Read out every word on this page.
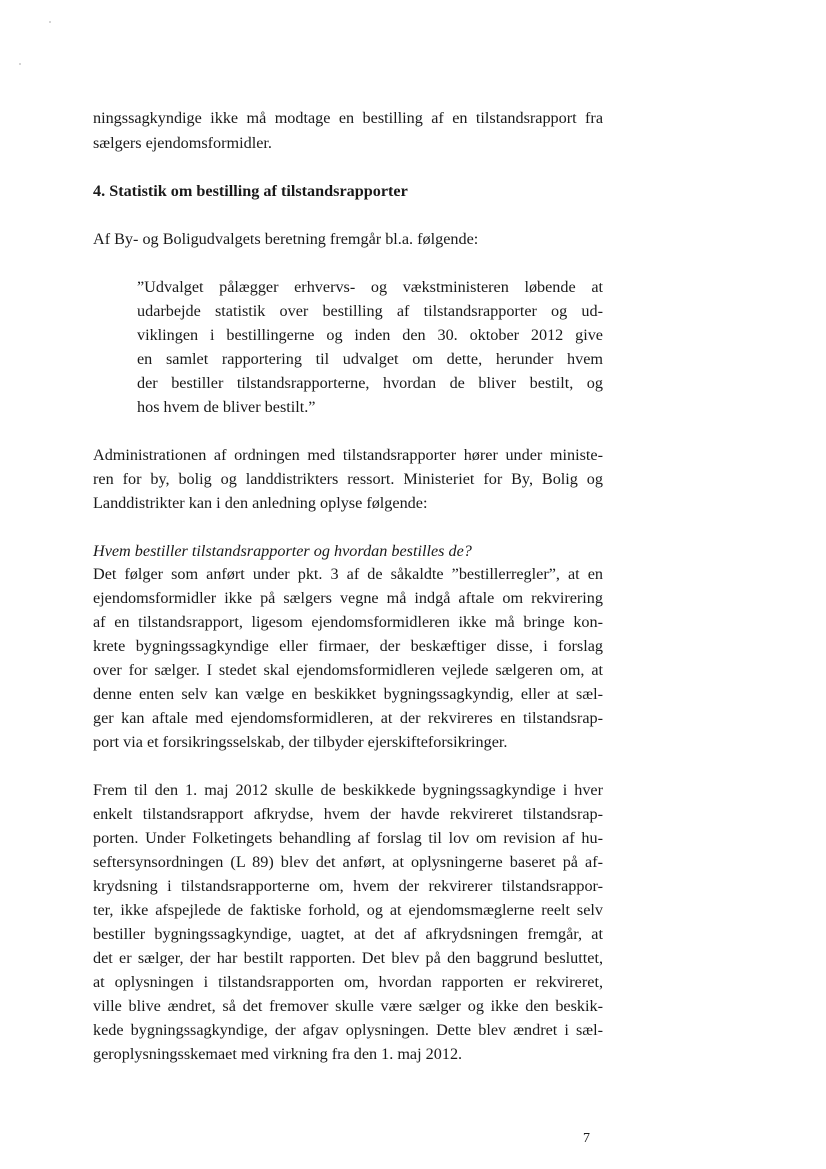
ningssagkyndige ikke må modtage en bestilling af en tilstandsrapport fra
sælgers ejendomsformidler.
4. Statistik om bestilling af tilstandsrapporter
Af By- og Boligudvalgets beretning fremgår bl.a. følgende:
”Udvalget pålægger erhvervs- og vækstministeren løbende at
udarbejde statistik over bestilling af tilstandsrapporter og ud-
viklingen i bestillingerne og inden den 30. oktober 2012 give
en samlet rapportering til udvalget om dette, herunder hvem
der bestiller tilstandsrapporterne, hvordan de bliver bestilt, og
hos hvem de bliver bestilt.”
Administrationen af ordningen med tilstandsrapporter hører under ministe-
ren for by, bolig og landdistrikters ressort. Ministeriet for By, Bolig og
Landdistrikter kan i den anledning oplyse følgende:
Hvem bestiller tilstandsrapporter og hvordan bestilles de?
Det følger som anført under pkt. 3 af de såkaldte ”bestillerregler”, at en
ejendomsformidler ikke på sælgers vegne må indgå aftale om rekvirering
af en tilstandsrapport, ligesom ejendomsformidleren ikke må bringe kon-
krete bygningssagkyndige eller firmaer, der beskæftiger disse, i forslag
over for sælger. I stedet skal ejendomsformidleren vejlede sælgeren om, at
denne enten selv kan vælge en beskikket bygningssagkyndig, eller at sæl-
ger kan aftale med ejendomsformidleren, at der rekvireres en tilstandsrap-
port via et forsikringsselskab, der tilbyder ejerskifteforsikringer.
Frem til den 1. maj 2012 skulle de beskikkede bygningssagkyndige i hver
enkelt tilstandsrapport afkrydse, hvem der havde rekvireret tilstandsrap-
porten. Under Folketingets behandling af forslag til lov om revision af hu-
seftersynsordningen (L 89) blev det anført, at oplysningerne baseret på af-
krydsning i tilstandsrapporterne om, hvem der rekvirerer tilstandsrappor-
ter, ikke afspejlede de faktiske forhold, og at ejendomsmæglerne reelt selv
bestiller bygningssagkyndige, uagtet, at det af afkrydsningen fremgår, at
det er sælger, der har bestilt rapporten. Det blev på den baggrund besluttet,
at oplysningen i tilstandsrapporten om, hvordan rapporten er rekvireret,
ville blive ændret, så det fremover skulle være sælger og ikke den beskik-
kede bygningssagkyndige, der afgav oplysningen. Dette blev ændret i sæl-
geroplysningsskemaet med virkning fra den 1. maj 2012.
7
